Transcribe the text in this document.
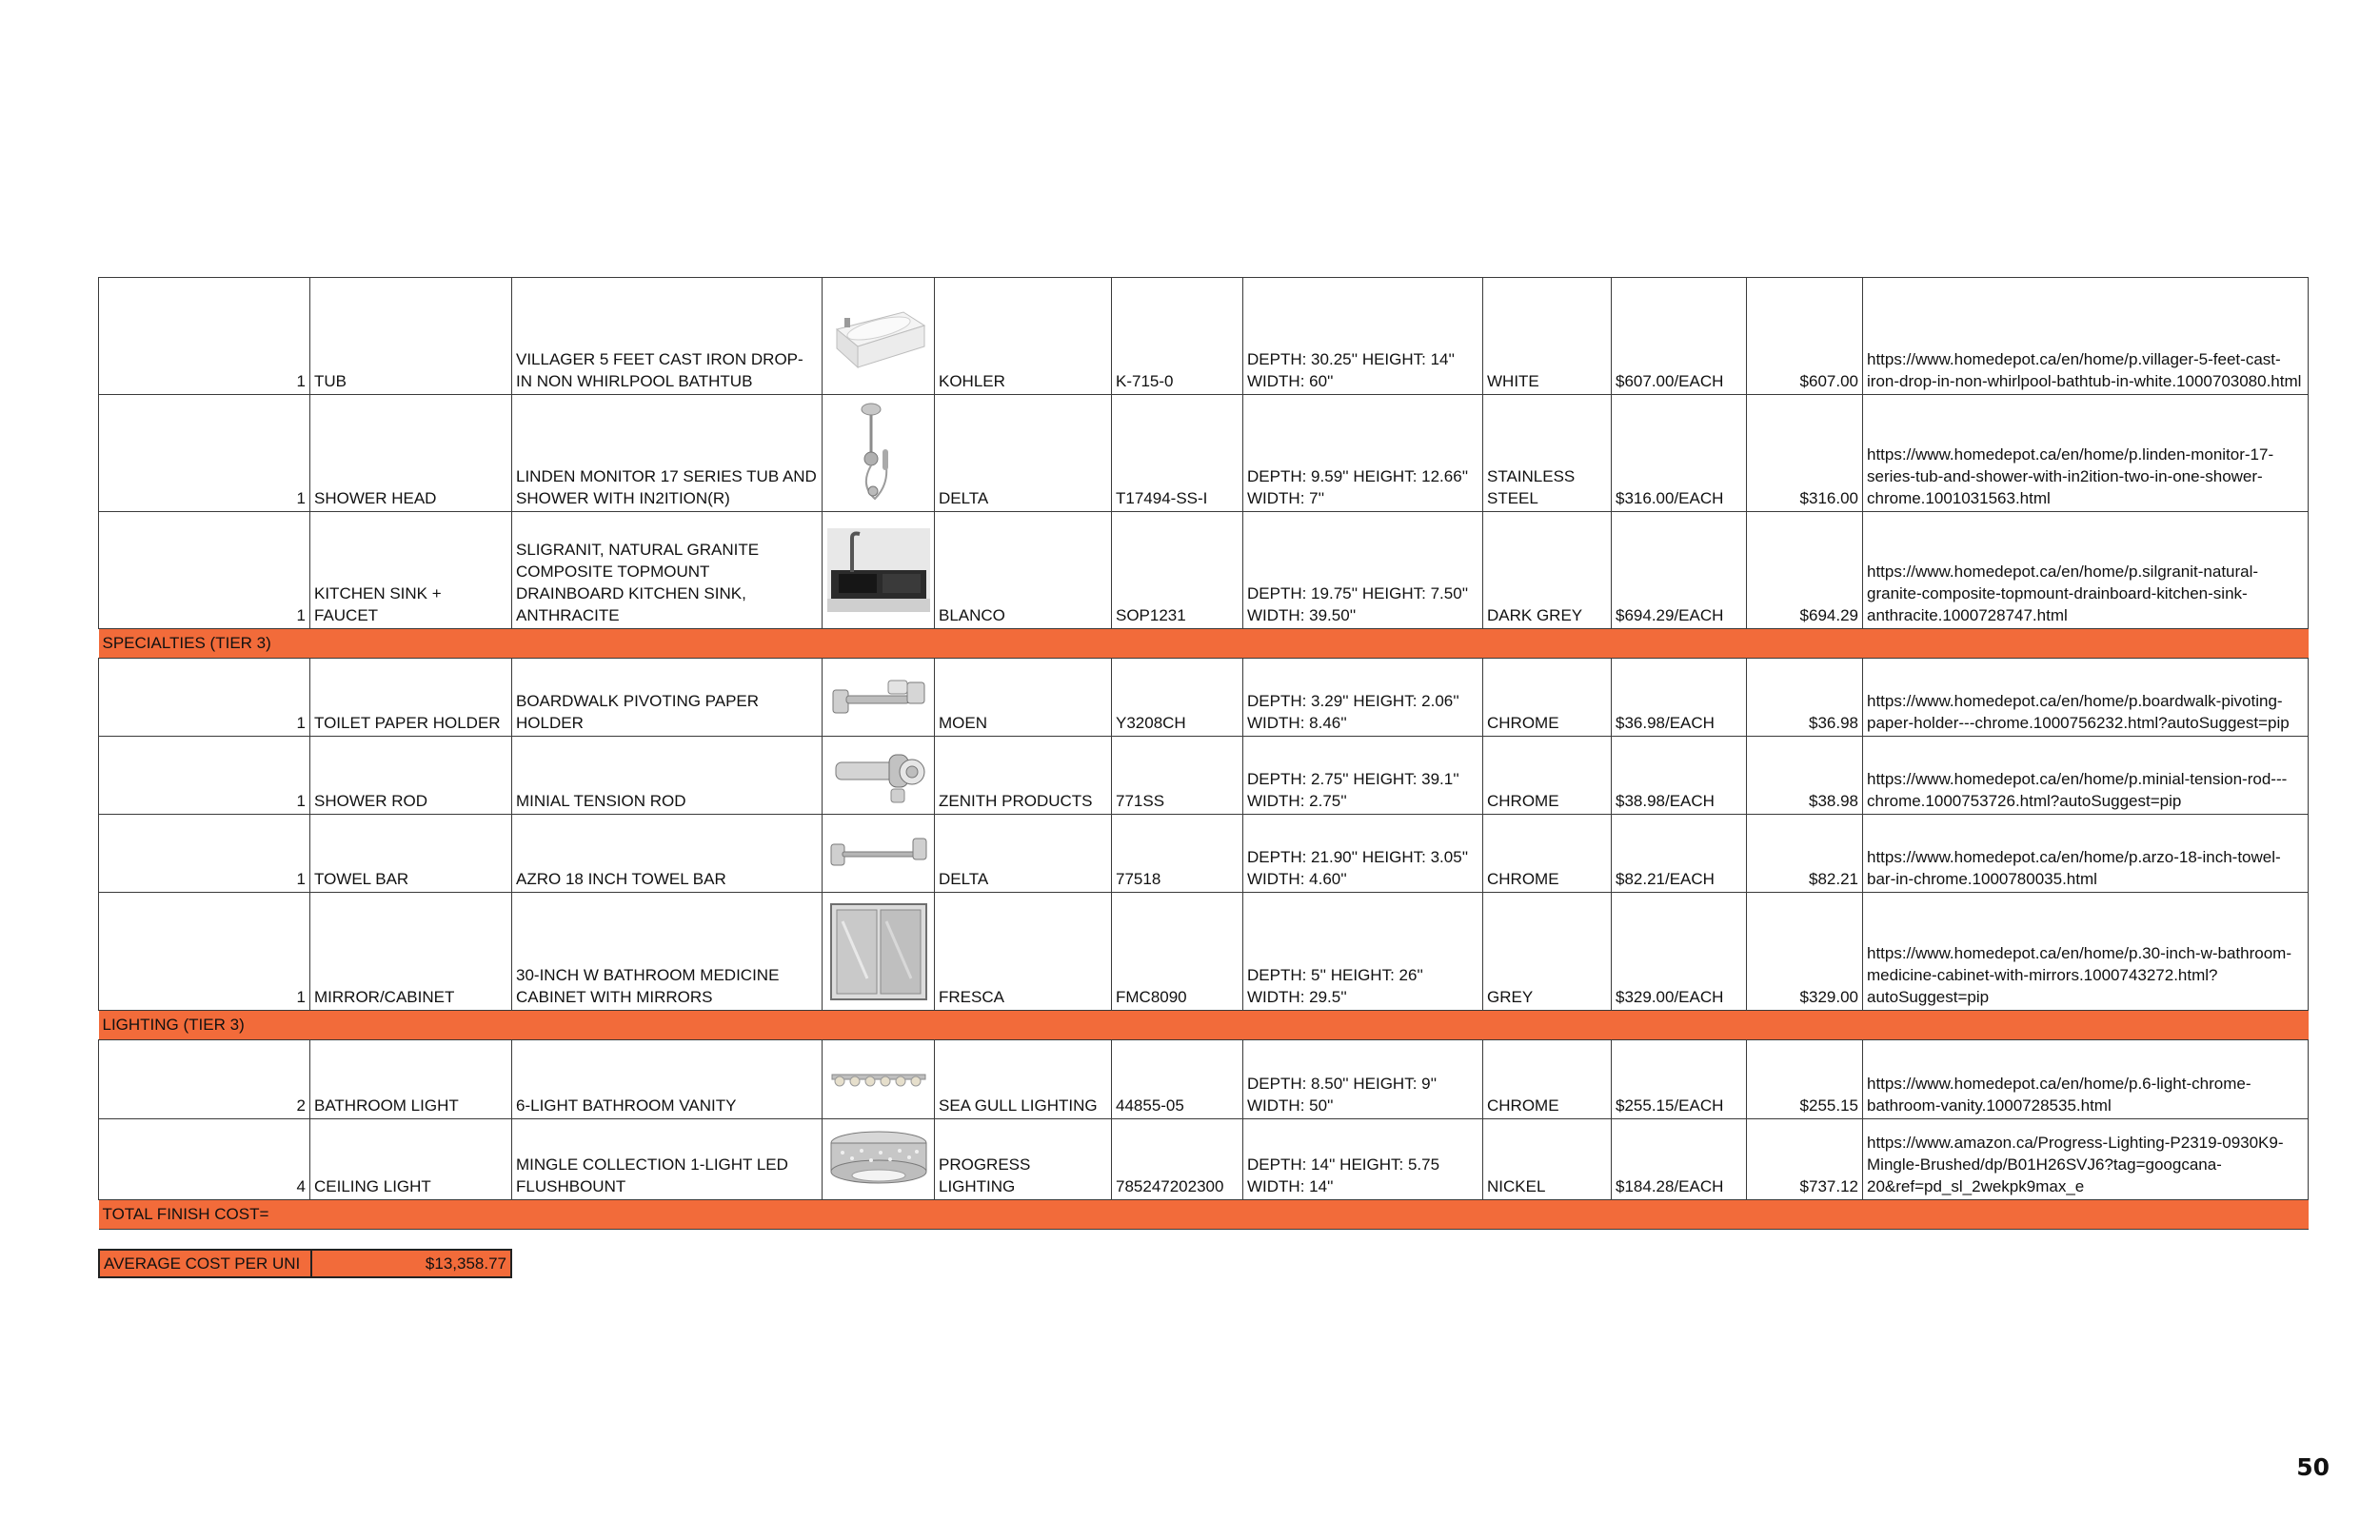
1	TUB	VILLAGER 5 FEET CAST IRON DROP-IN NON WHIRLPOOL BATHTUB		KOHLER	K-715-0	DEPTH: 30.25'' HEIGHT: 14'' WIDTH: 60''	WHITE	$607.00/EACH	$607.00	https://www.homedepot.ca/en/home/p.villager-5-feet-cast-iron-drop-in-non-whirlpool-bathtub-in-white.1000703080.html
1	SHOWER HEAD	LINDEN MONITOR 17 SERIES TUB AND SHOWER WITH IN2ITION(R)		DELTA	T17494-SS-I	DEPTH: 9.59'' HEIGHT: 12.66'' WIDTH: 7''	STAINLESS STEEL	$316.00/EACH	$316.00	https://www.homedepot.ca/en/home/p.linden-monitor-17-series-tub-and-shower-with-in2ition-two-in-one-shower-chrome.1001031563.html
1	KITCHEN SINK + FAUCET	SLIGRANIT, NATURAL GRANITE COMPOSITE TOPMOUNT DRAINBOARD KITCHEN SINK, ANTHRACITE		BLANCO	SOP1231	DEPTH: 19.75'' HEIGHT: 7.50'' WIDTH: 39.50''	DARK GREY	$694.29/EACH	$694.29	https://www.homedepot.ca/en/home/p.silgranit-natural-granite-composite-topmount-drainboard-kitchen-sink-anthracite.1000728747.html
SPECIALTIES (TIER 3)										
1	TOILET PAPER HOLDER	BOARDWALK PIVOTING PAPER HOLDER		MOEN	Y3208CH	DEPTH: 3.29'' HEIGHT: 2.06'' WIDTH: 8.46''	CHROME	$36.98/EACH	$36.98	https://www.homedepot.ca/en/home/p.boardwalk-pivoting-paper-holder---chrome.1000756232.html?autoSuggest=pip
1	SHOWER ROD	MINIAL TENSION ROD		ZENITH PRODUCTS	771SS	DEPTH: 2.75'' HEIGHT: 39.1'' WIDTH: 2.75''	CHROME	$38.98/EACH	$38.98	https://www.homedepot.ca/en/home/p.minial-tension-rod---chrome.1000753726.html?autoSuggest=pip
1	TOWEL BAR	AZRO 18 INCH TOWEL BAR		DELTA	77518	DEPTH: 21.90'' HEIGHT: 3.05'' WIDTH: 4.60''	CHROME	$82.21/EACH	$82.21	https://www.homedepot.ca/en/home/p.arzo-18-inch-towel-bar-in-chrome.1000780035.html
1	MIRROR/CABINET	30-INCH W BATHROOM MEDICINE CABINET WITH MIRRORS		FRESCA	FMC8090	DEPTH: 5'' HEIGHT: 26'' WIDTH: 29.5''	GREY	$329.00/EACH	$329.00	https://www.homedepot.ca/en/home/p.30-inch-w-bathroom-medicine-cabinet-with-mirrors.1000743272.html?autoSuggest=pip
LIGHTING (TIER 3)										
2	BATHROOM LIGHT	6-LIGHT BATHROOM VANITY		SEA GULL LIGHTING	44855-05	DEPTH: 8.50'' HEIGHT: 9'' WIDTH: 50''	CHROME	$255.15/EACH	$255.15	https://www.homedepot.ca/en/home/p.6-light-chrome-bathroom-vanity.1000728535.html
4	CEILING LIGHT	MINGLE COLLECTION 1-LIGHT LED FLUSHBOUNT		PROGRESS LIGHTING	785247202300	DEPTH: 14'' HEIGHT: 5.75 WIDTH: 14''	NICKEL	$184.28/EACH	$737.12	https://www.amazon.ca/Progress-Lighting-P2319-0930K9-Mingle-Brushed/dp/B01H26SVJ6?tag=googcana-20&ref=pd_sl_2wekpk9max_e
TOTAL FINISH COST=										
AVERAGE COST PER UNI	$13,358.77
50
